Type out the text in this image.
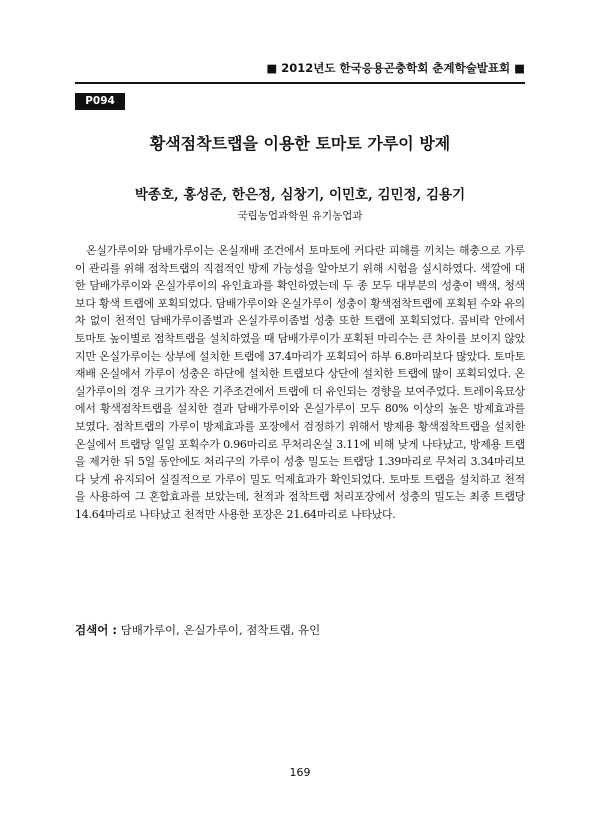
■ 2012년도 한국응용곤충학회 춘계학술발표회 ■
P094
황색점착트랩을 이용한 토마토 가루이 방제
박종호, 홍성준, 한은정, 심창기, 이민호, 김민정, 김용기
국립농업과학원 유기농업과
온실가루이와 담배가루이는 온실재배 조건에서 토마토에 커다란 피해를 끼치는 해충으로 가루이 관리를 위해 점착트랩의 직접적인 방제 가능성을 알아보기 위해 시험을 실시하였다. 색깔에 대한 담배가루이와 온실가루이의 유인효과를 확인하였는데 두 종 모두 대부분의 성충이 백색, 청색보다 황색 트랩에 포획되었다. 담배가루이와 온실가루이 성충이 황색점착트랩에 포획된 수와 유의차 없이 천적인 담배가루이좀벌과 온실가루이좀벌 성충 또한 트랩에 포획되었다. 콤비락 안에서 토마토 높이별로 점착트랩을 설치하였을 때 담배가루이가 포획된 마리수는 큰 차이를 보이지 않았지만 온실가루이는 상부에 설치한 트랩에 37.4마리가 포획되어 하부 6.8마리보다 많았다. 토마토 재배 온실에서 가루이 성충은 하단에 설치한 트랩보다 상단에 설치한 트랩에 많이 포획되었다. 온실가루이의 경우 크기가 작은 기주조건에서 트랩에 더 유인되는 경향을 보여주었다. 트레이육묘상에서 황색점착트랩을 설치한 결과 담배가루이와 온실가루이 모두 80% 이상의 높은 방제효과를 보였다. 점착트랩의 가루이 방제효과를 포장에서 검정하기 위해서 방제용 황색점착트랩을 설치한 온실에서 트랩당 일일 포획수가 0.96마리로 무처리온실 3.11에 비해 낮게 나타났고, 방제용 트랩을 제거한 뒤 5일 동안에도 처리구의 가루이 성충 밀도는 트랩당 1.39마리로 무처리 3.34마리보다 낮게 유지되어 실질적으로 가루이 밀도 억제효과가 확인되었다. 토마토 트랩을 설치하고 천적을 사용하여 그 혼합효과를 보았는데, 천적과 점착트랩 처리포장에서 성충의 밀도는 최종 트랩당 14.64마리로 나타났고 천적만 사용한 포장은 21.64마리로 나타났다.
검색어 : 담배가루이, 온실가루이, 점착트랩, 유인
169
